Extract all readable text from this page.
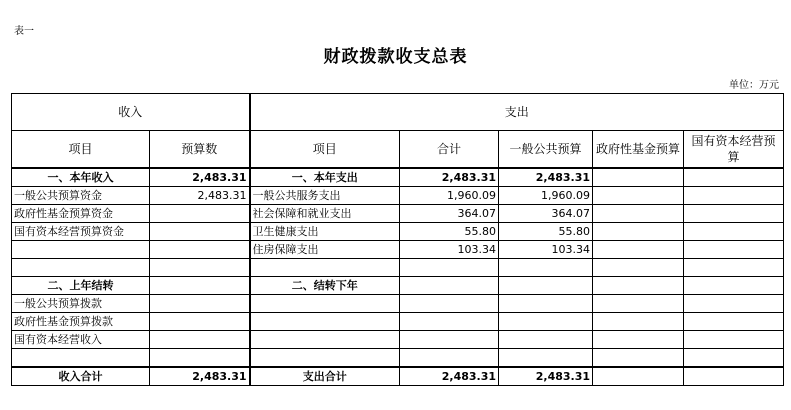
表一
财政拨款收支总表
单位：万元
收入		支出				
项目	预算数	项目	合计	一般公共预算	政府性基金预算	国有资本经营预算
一、本年收入	2,483.31	一、本年支出	2,483.31	2,483.31		
一般公共预算资金	2,483.31	一般公共服务支出	1,960.09	1,960.09		
政府性基金预算资金		社会保障和就业支出	364.07	364.07		
国有资本经营预算资金		卫生健康支出	55.80	55.80		
		住房保障支出	103.34	103.34		

二、上年结转		二、结转下年				
一般公共预算拨款						
政府性基金预算拨款						
国有资本经营收入						

收入合计	2,483.31	支出合计	2,483.31	2,483.31		
